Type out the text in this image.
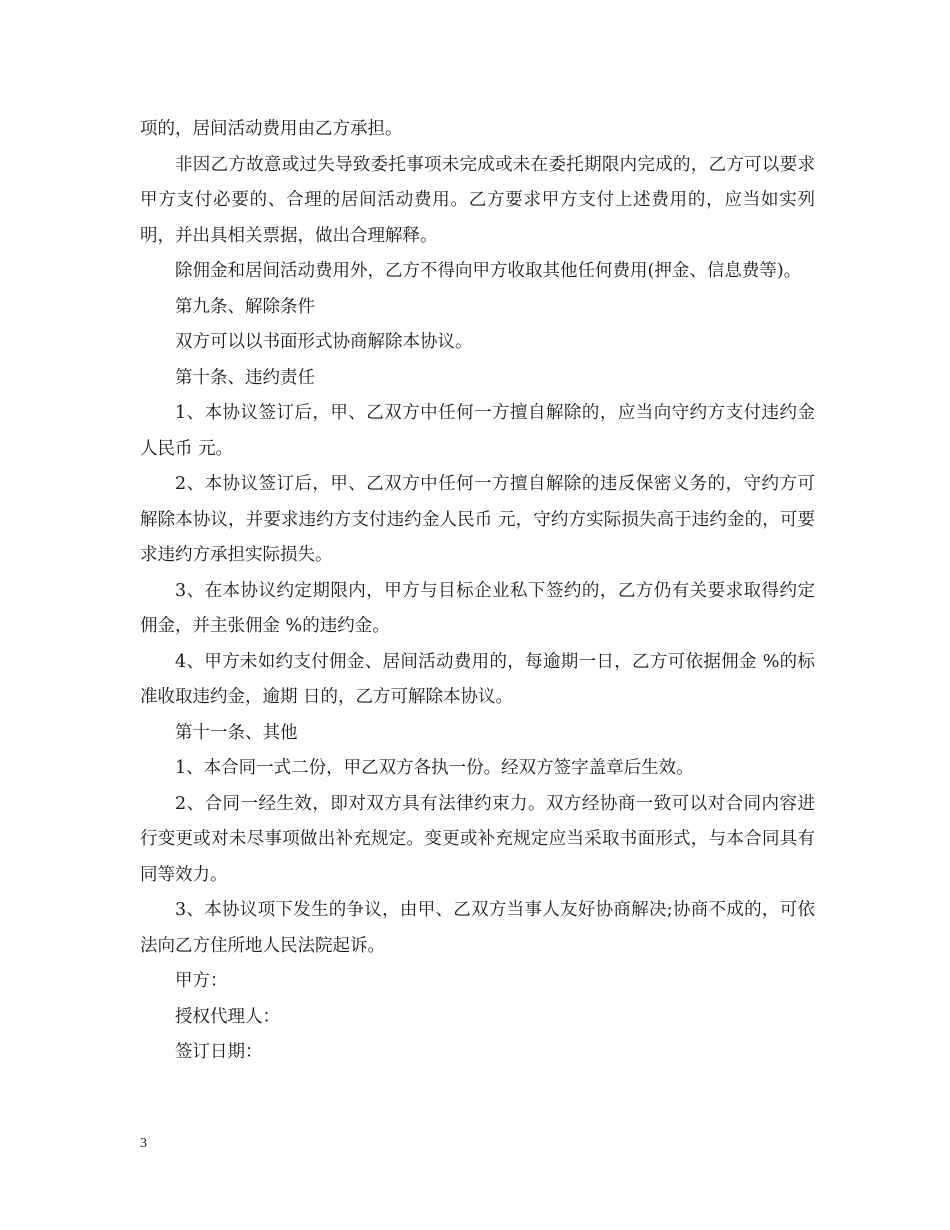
项的，居间活动费用由乙方承担。

非因乙方故意或过失导致委托事项未完成或未在委托期限内完成的，乙方可以要求甲方支付必要的、合理的居间活动费用。乙方要求甲方支付上述费用的，应当如实列明，并出具相关票据，做出合理解释。

除佣金和居间活动费用外，乙方不得向甲方收取其他任何费用(押金、信息费等)。

第九条、解除条件

双方可以以书面形式协商解除本协议。

第十条、违约责任

1、本协议签订后，甲、乙双方中任何一方擅自解除的，应当向守约方支付违约金人民币 元。

2、本协议签订后，甲、乙双方中任何一方擅自解除的违反保密义务的，守约方可解除本协议，并要求违约方支付违约金人民币 元，守约方实际损失高于违约金的，可要求违约方承担实际损失。

3、在本协议约定期限内，甲方与目标企业私下签约的，乙方仍有关要求取得约定佣金，并主张佣金 %的违约金。

4、甲方未如约支付佣金、居间活动费用的，每逾期一日，乙方可依据佣金 %的标准收取违约金，逾期 日的，乙方可解除本协议。

第十一条、其他

1、本合同一式二份，甲乙双方各执一份。经双方签字盖章后生效。

2、合同一经生效，即对双方具有法律约束力。双方经协商一致可以对合同内容进行变更或对未尽事项做出补充规定。变更或补充规定应当采取书面形式，与本合同具有同等效力。

3、本协议项下发生的争议，由甲、乙双方当事人友好协商解决;协商不成的，可依法向乙方住所地人民法院起诉。

甲方：

授权代理人：

签订日期：

3
